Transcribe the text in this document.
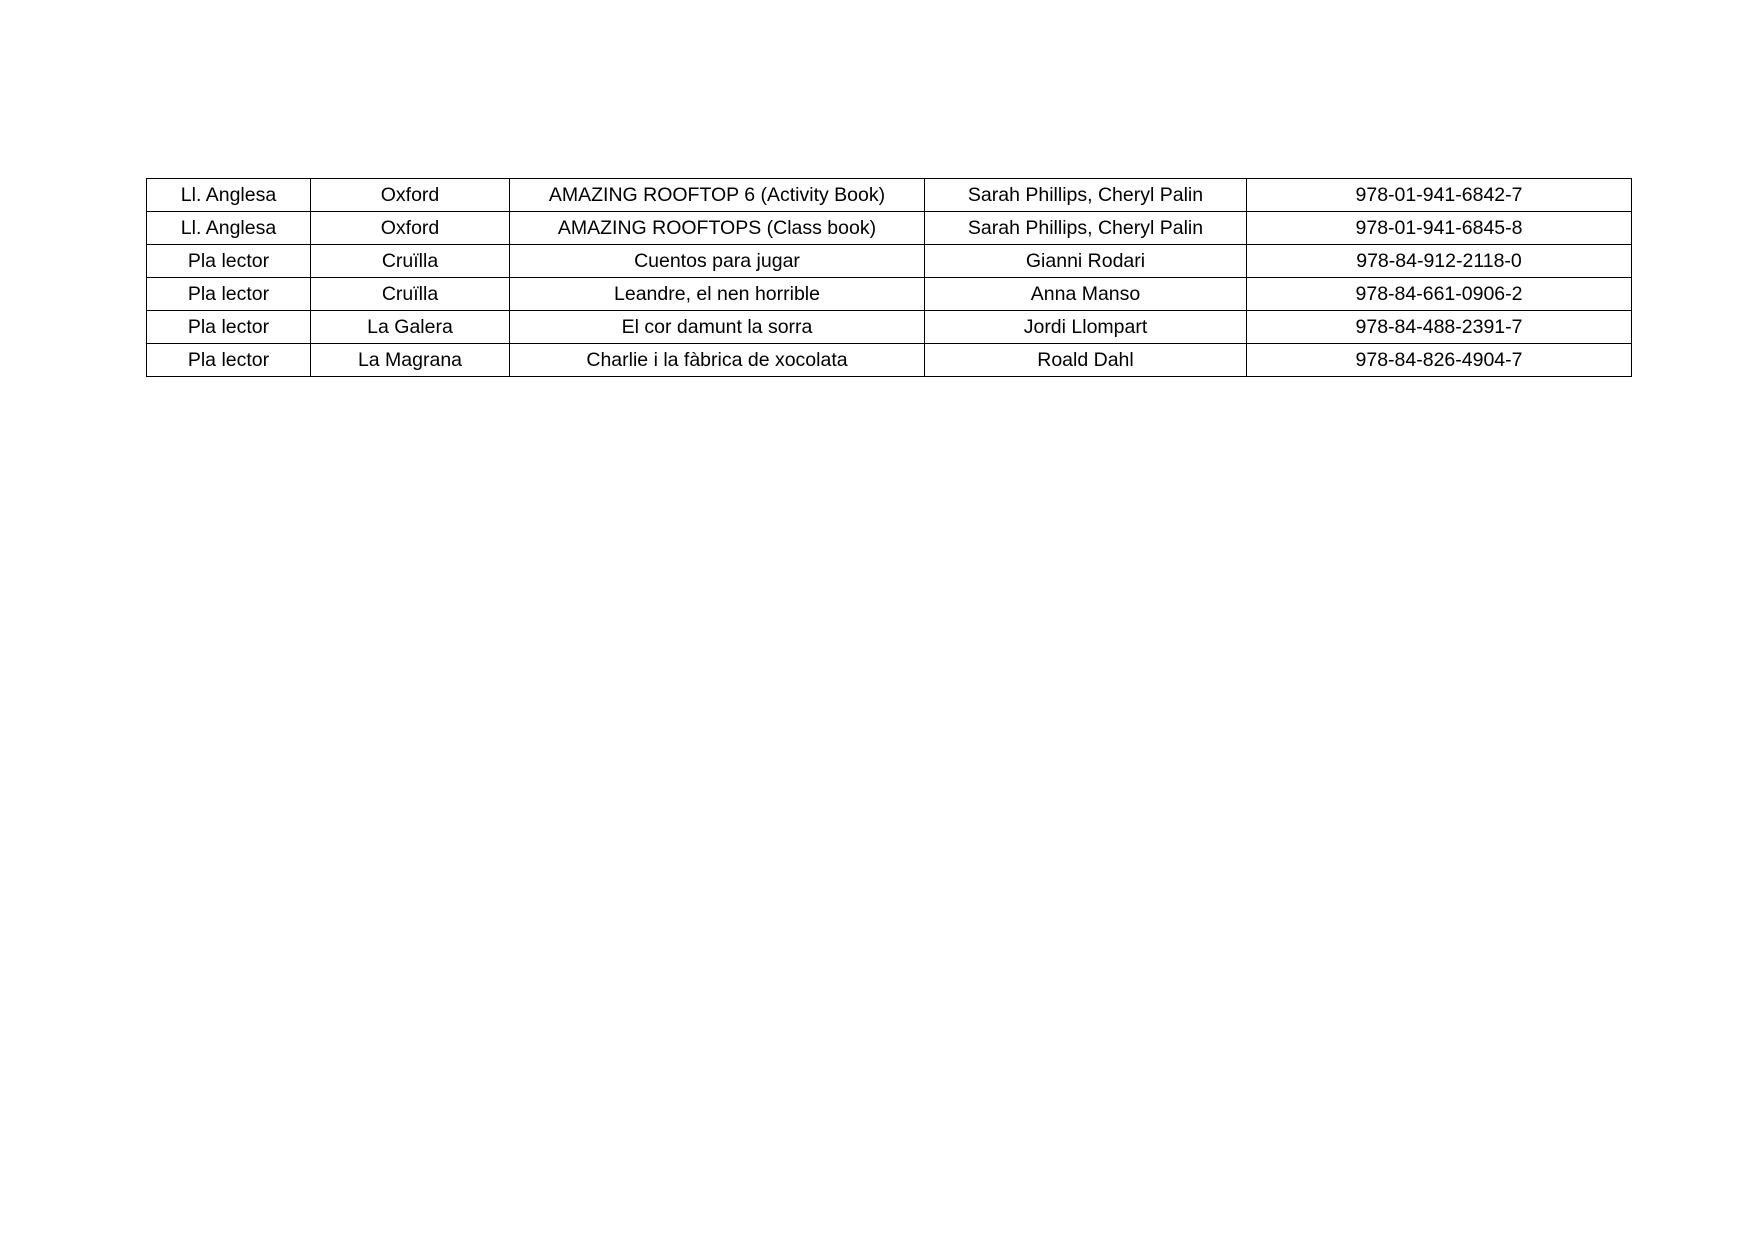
Ll. Anglesa	Oxford	AMAZING ROOFTOP 6 (Activity Book)	Sarah Phillips, Cheryl Palin	978-01-941-6842-7
Ll. Anglesa	Oxford	AMAZING ROOFTOPS (Class book)	Sarah Phillips, Cheryl Palin	978-01-941-6845-8
Pla lector	Cruïlla	Cuentos para jugar	Gianni Rodari	978-84-912-2118-0
Pla lector	Cruïlla	Leandre, el nen horrible	Anna Manso	978-84-661-0906-2
Pla lector	La Galera	El cor damunt la sorra	Jordi Llompart	978-84-488-2391-7
Pla lector	La Magrana	Charlie i la fàbrica de xocolata	Roald Dahl	978-84-826-4904-7
